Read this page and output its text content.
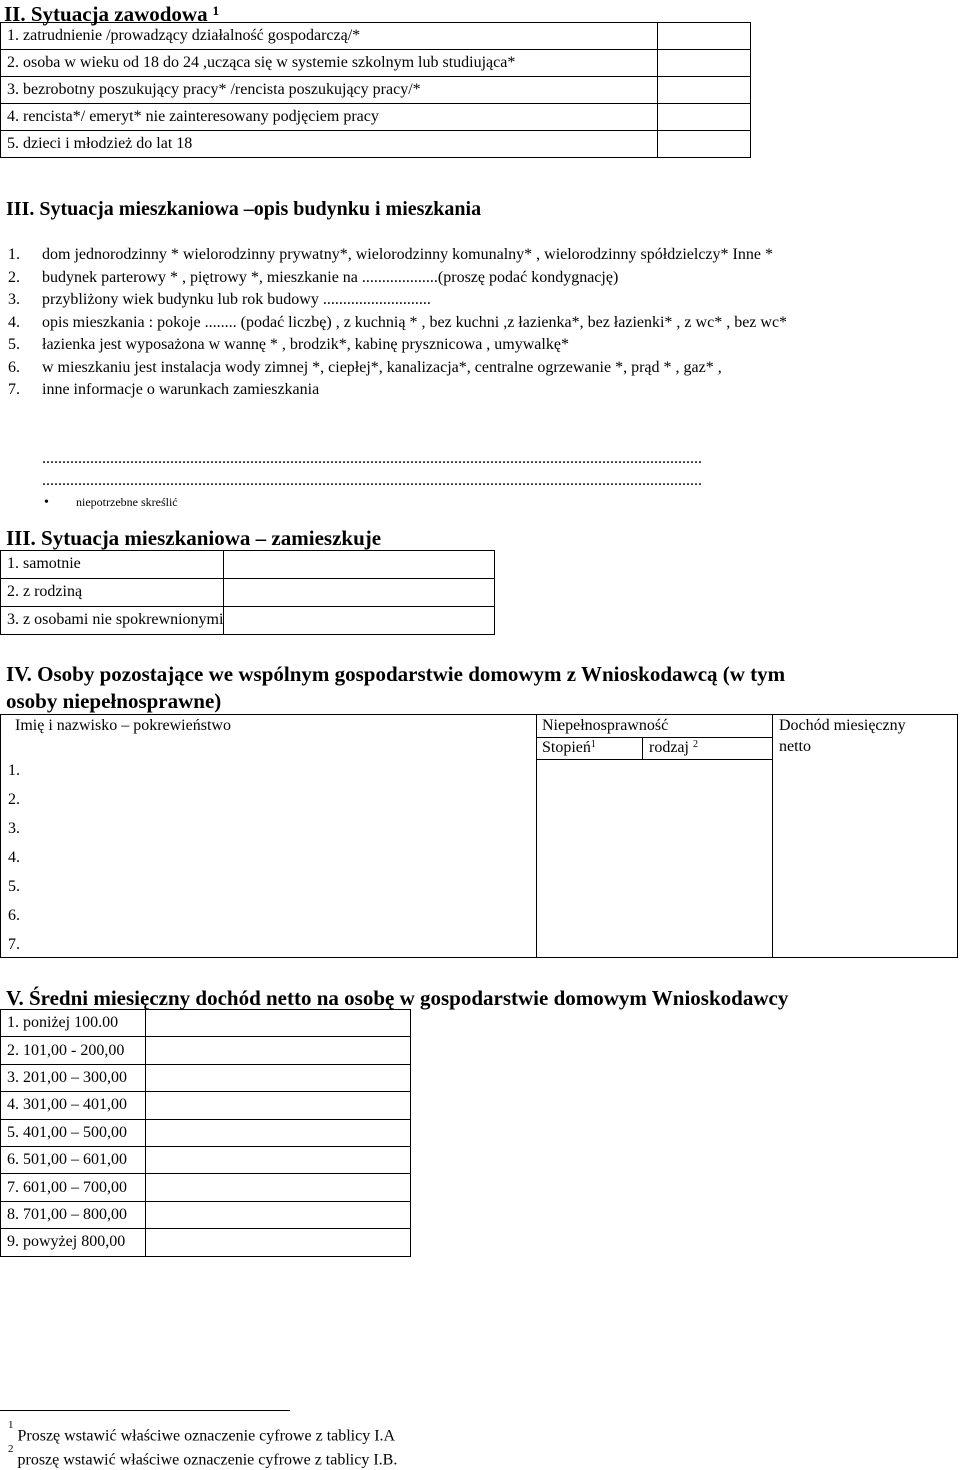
II. Sytuacja zawodowa ¹
1. zatrudnienie /prowadzący działalność gospodarczą/*	
2. osoba w wieku od 18 do 24 ,ucząca się w systemie szkolnym lub studiująca*	
3. bezrobotny poszukujący pracy* /rencista poszukujący pracy/*	
4. rencista*/ emeryt* nie zainteresowany podjęciem pracy	
5. dzieci i młodzież do lat 18	
III. Sytuacja mieszkaniowa –opis budynku i mieszkania
1.	dom jednorodzinny * wielorodzinny prywatny*, wielorodzinny komunalny* , wielorodzinny spółdzielczy* Inne *
2.	budynek parterowy * , piętrowy *, mieszkanie na ...................(proszę podać kondygnację)
3.	przybliżony wiek budynku lub rok budowy ...........................
4.	opis mieszkania : pokoje ........ (podać liczbę) , z kuchnią * , bez kuchni ,z łazienka*, bez łazienki* , z wc* , bez wc*
5.	łazienka jest wyposażona w wannę * , brodzik*, kabinę prysznicowa , umywalkę*
6.	w mieszkaniu jest instalacja wody zimnej *, ciepłej*, kanalizacja*, centralne ogrzewanie *, prąd * , gaz* ,
7.	inne informacje o warunkach zamieszkania
.....................................................................................................................................................................
.....................................................................................................................................................................
• niepotrzebne skreślić
III. Sytuacja mieszkaniowa – zamieszkuje
1. samotnie	
2. z rodziną	
3. z osobami nie spokrewnionymi	
IV. Osoby pozostające we wspólnym gospodarstwie domowym z Wnioskodawcą (w tym
osoby niepełnosprawne)
Imię i nazwisko – pokrewieństwo	Niepełnosprawność
Stopień$^1$	rodzaj $^2$
Dochód miesięczny
netto
1.
2.
3.
4.
5.
6.
7.
V. Średni miesięczny dochód netto na osobę w gospodarstwie domowym Wnioskodawcy
1. poniżej 100.00	
2. 101,00 - 200,00	
3. 201,00 – 300,00	
4. 301,00 – 401,00	
5. 401,00 – 500,00	
6. 501,00 – 601,00	
7. 601,00 – 700,00	
8. 701,00 – 800,00	
9. powyżej 800,00	
$^1$Proszę wstawić właściwe oznaczenie cyfrowe z tablicy I.A
$^2$proszę wstawić właściwe oznaczenie cyfrowe z tablicy I.B.
